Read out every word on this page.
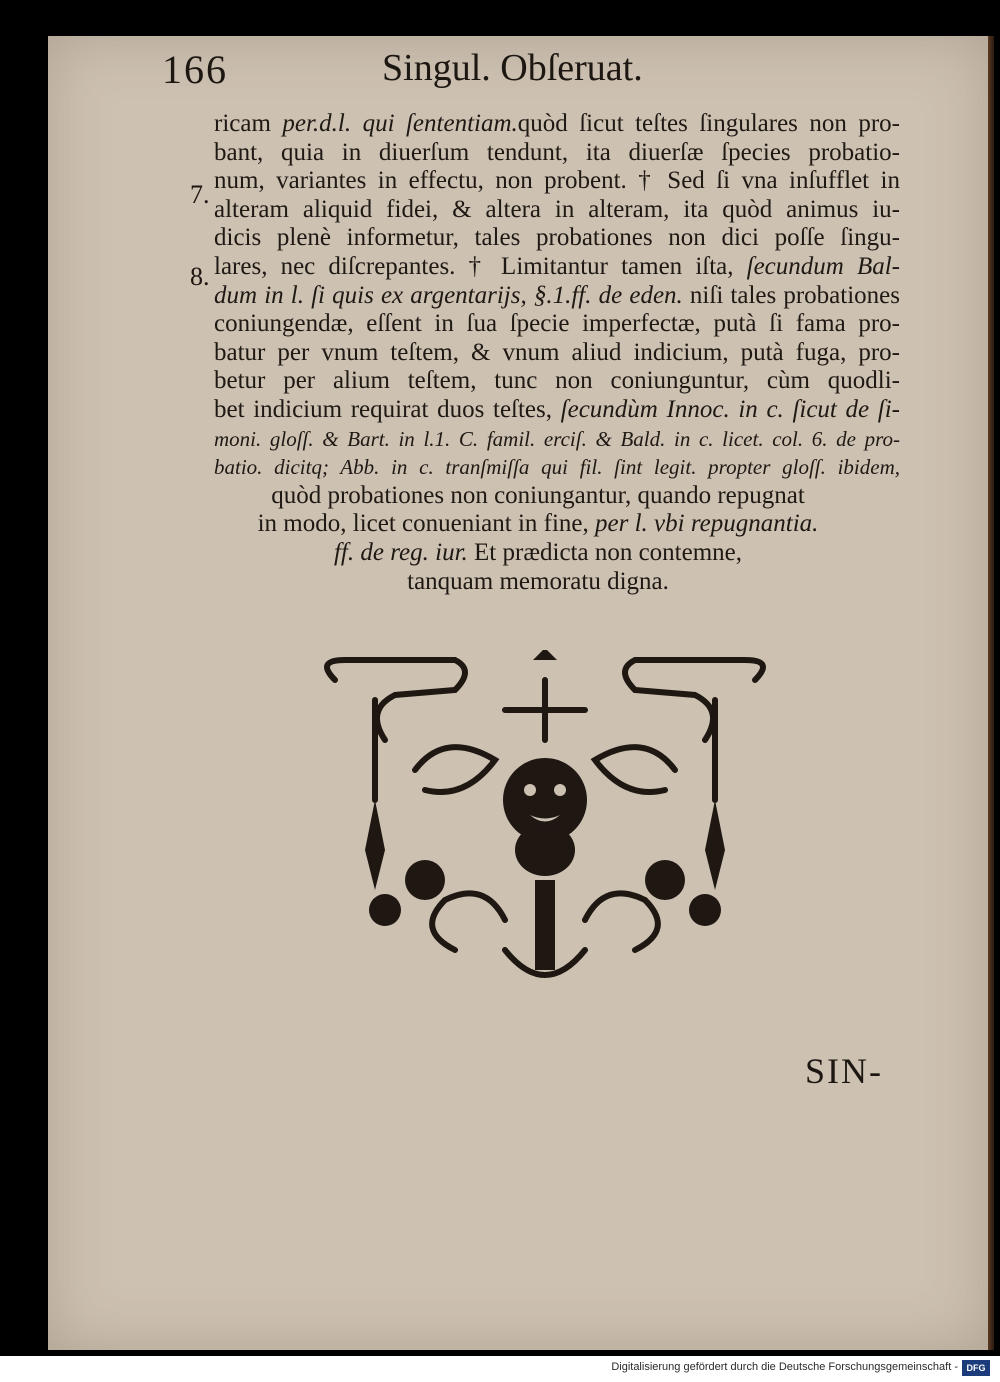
166	Singul. Obſeruat.
7.
8.
ricam per.d.l. qui ſententiam.quòd ſicut teſtes ſingulares non pro-
bant, quia in diuerſum tendunt, ita diuerſæ ſpecies probatio-
num, variantes in effectu, non probent. † Sed ſi vna inſufflet in
alteram aliquid fidei, & altera in alteram, ita quòd animus iu-
dicis plenè informetur, tales probationes non dici poſſe ſingu-
lares, nec diſcrepantes. † Limitantur tamen iſta, ſecundum Bal-
dum in l. ſi quis ex argentarijs, §.1.ff. de eden. niſi tales probationes
coniungendæ, eſſent in ſua ſpecie imperfectæ, putà ſi fama pro-
batur per vnum teſtem, & vnum aliud indicium, putà fuga, pro-
betur per alium teſtem, tunc non coniunguntur, cùm quodli-
bet indicium requirat duos teſtes, ſecundùm Innoc. in c. ſicut de ſi-
moni. gloſſ. & Bart. in l.1. C. famil. erciſ. & Bald. in c. licet. col. 6. de pro-
batio. dicitq; Abb. in c. tranſmiſſa qui fil. ſint legit. propter gloſſ. ibidem,
quòd probationes non coniungantur, quando repugnat
in modo, licet conueniant in fine, per l. vbi repugnantia.
ff. de reg. iur. Et prædicta non contemne,
tanquam memoratu digna.
SIN-
Digitalisierung gefördert durch die Deutsche Forschungsgemeinschaft - DFG
